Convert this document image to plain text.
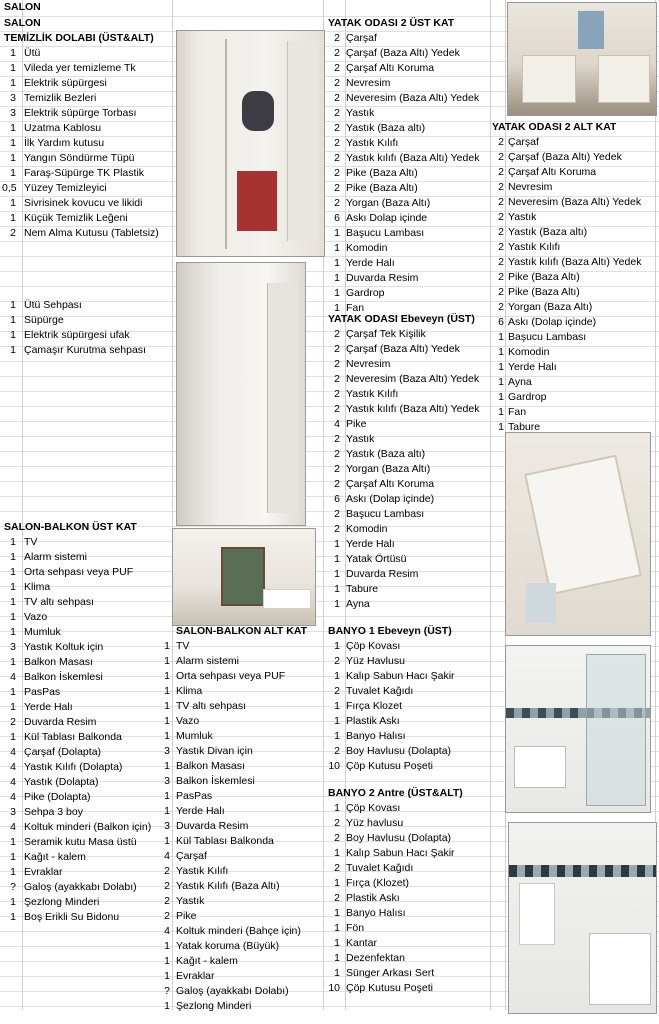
SALON
TEMİZLİK DOLABI (ÜST&ALT)
1 Ütü
1 Vileda yer temizleme Tk
1 Elektrik süpürgesi
3 Temizlik Bezleri
3 Elektrik süpürge Torbası
1 Uzatma Kablosu
1 İlk Yardım kutusu
1 Yangın Söndürme Tüpü
1 Faraş-Süpürge TK Plastik
0,5 Yüzey Temizleyici
1 Sivrisinek kovucu ve likidi
1 Küçük Temizlik Leğeni
2 Nem Alma Kutusu (Tabletsiz)
SALON
1 Ütü Sehpası
1 Süpürge
1 Elektrik süpürgesi ufak
1 Çamaşır Kurutma sehpası
SALON-BALKON ÜST KAT
1 TV
1 Alarm sistemi
1 Orta sehpası veya PUF
1 Klima
1 TV altı sehpası
1 Vazo
1 Mumluk
3 Yastık Koltuk için
1 Balkon Masası
4 Balkon İskemlesi
1 PasPas
1 Yerde Halı
2 Duvarda Resim
1 Kül Tablası Balkonda
4 Çarşaf (Dolapta)
4 Yastık Kılıfı (Dolapta)
4 Yastık (Dolapta)
4 Pike (Dolapta)
3 Sehpa 3 boy
4 Koltuk minderi (Balkon için)
1 Seramik kutu Masa üstü
1 Kağıt - kalem
1 Evraklar
? Galoş (ayakkabı Dolabı)
1 Şezlong Minderi
1 Boş Erikli Su Bidonu
SALON-BALKON ALT KAT
1 TV
1 Alarm sistemi
1 Orta sehpası veya PUF
1 Klima
1 TV altı sehpası
1 Vazo
1 Mumluk
3 Yastık Divan için
1 Balkon Masası
3 Balkon İskemlesi
1 PasPas
1 Yerde Halı
3 Duvarda Resim
1 Kül Tablası Balkonda
4 Çarşaf
2 Yastık Kılıfı
2 Yastık Kılıfı (Baza Altı)
2 Yastık
2 Pike
4 Koltuk minderi (Bahçe için)
1 Yatak koruma (Büyük)
1 Kağıt - kalem
1 Evraklar
? Galoş (ayakkabı Dolabı)
1 Şezlong Minderi
YATAK ODASI 2 ÜST KAT
2 Çarşaf
2 Çarşaf (Baza Altı) Yedek
2 Çarşaf Altı Koruma
2 Nevresim
2 Neveresim (Baza Altı) Yedek
2 Yastık
2 Yastık (Baza altı)
2 Yastık Kılıfı
2 Yastık kılıfı (Baza Altı) Yedek
2 Pike (Baza Altı)
2 Pike (Baza Altı)
2 Yorgan (Baza Altı)
6 Askı Dolap içinde
1 Başucu Lambası
1 Komodin
1 Yerde Halı
1 Duvarda Resim
1 Gardrop
1 Fan
YATAK ODASI Ebeveyn (ÜST)
2 Çarşaf Tek Kişilik
2 Çarşaf (Baza Altı) Yedek
2 Nevresim
2 Neveresim (Baza Altı) Yedek
2 Yastık Kılıfı
2 Yastık kılıfı (Baza Altı) Yedek
4 Pike
2 Yastık
2 Yastık (Baza altı)
2 Yorgan (Baza Altı)
2 Çarşaf Altı Koruma
6 Askı (Dolap içinde)
2 Başucu Lambası
2 Komodin
1 Yerde Halı
1 Yatak Örtüsü
1 Duvarda Resim
1 Tabure
1 Ayna
BANYO 1 Ebeveyn (ÜST)
1 Çöp Kovası
2 Yüz Havlusu
1 Kalıp Sabun Hacı Şakir
2 Tuvalet Kağıdı
1 Fırça Klozet
1 Plastik Askı
1 Banyo Halısı
2 Boy Havlusu (Dolapta)
10 Çöp Kutusu Poşeti
BANYO 2 Antre (ÜST&ALT)
1 Çöp Kovası
2 Yüz havlusu
2 Boy Havlusu (Dolapta)
1 Kalıp Sabun Hacı Şakir
2 Tuvalet Kağıdı
1 Fırça (Klozet)
2 Plastik Askı
1 Banyo Halısı
1 Fön
1 Kantar
1 Dezenfektan
1 Sünger Arkası Sert
10 Çöp Kutusu Poşeti
YATAK ODASI 2 ALT KAT
2 Çarşaf
2 Çarşaf (Baza Altı) Yedek
2 Çarşaf Altı Koruma
2 Nevresim
2 Neveresim (Baza Altı) Yedek
2 Yastık
2 Yastık (Baza altı)
2 Yastık Kılıfı
2 Yastık kılıfı (Baza Altı) Yedek
2 Pike (Baza Altı)
2 Pike (Baza Altı)
2 Yorgan (Baza Altı)
6 Askı (Dolap içinde)
1 Başucu Lambası
1 Komodin
1 Yerde Halı
1 Ayna
1 Gardrop
1 Fan
1 Tabure
